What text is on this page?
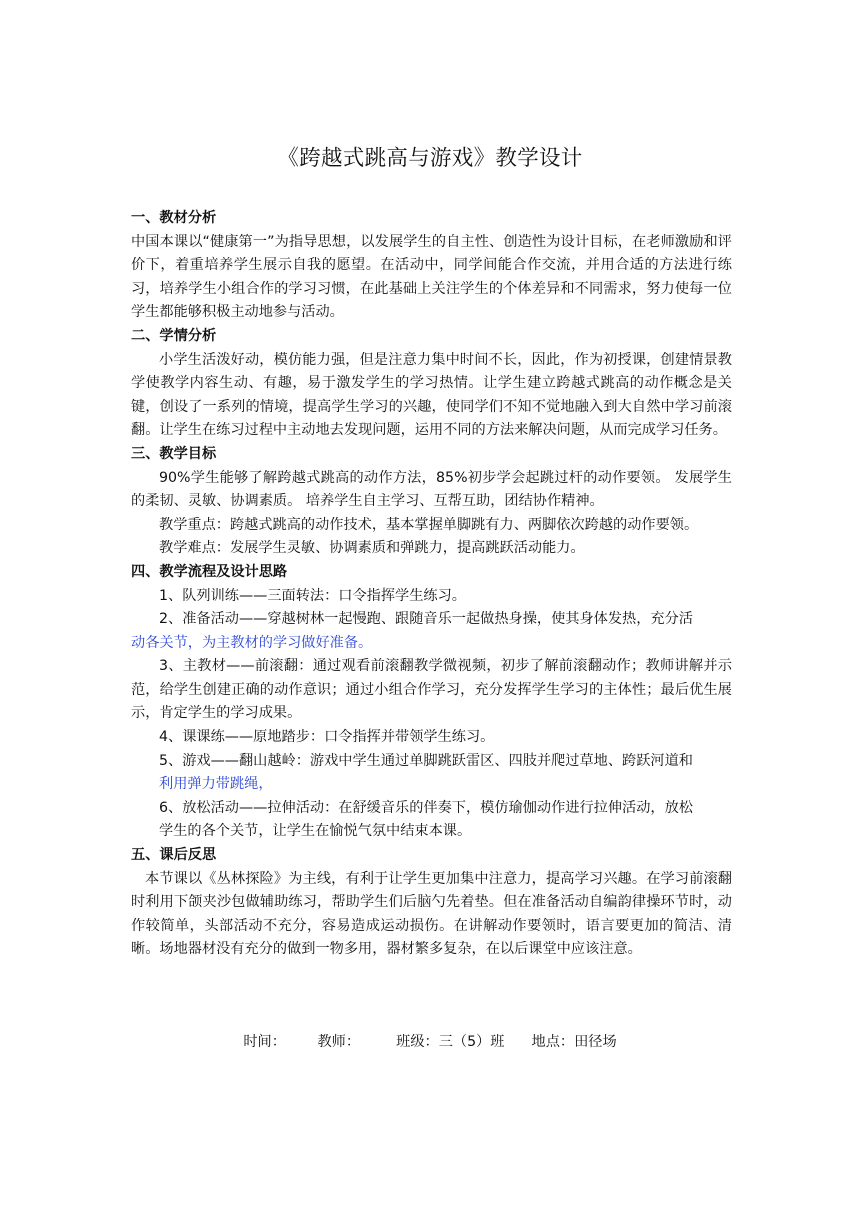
《跨越式跳高与游戏》教学设计
一、教材分析
中国本课以“健康第一”为指导思想，以发展学生的自主性、创造性为设计目标，在老师激励和评价下，着重培养学生展示自我的愿望。在活动中，同学间能合作交流，并用合适的方法进行练习，培养学生小组合作的学习习惯，在此基础上关注学生的个体差异和不同需求，努力使每一位学生都能够积极主动地参与活动。
二、学情分析
小学生活泼好动，模仿能力强，但是注意力集中时间不长，因此，作为初授课，创建情景教学使教学内容生动、有趣，易于激发学生的学习热情。让学生建立跨越式跳高的动作概念是关键，创设了一系列的情境，提高学生学习的兴趣，使同学们不知不觉地融入到大自然中学习前滚翻。让学生在练习过程中主动地去发现问题，运用不同的方法来解决问题，从而完成学习任务。
三、教学目标
90%学生能够了解跨越式跳高的动作方法，85%初步学会起跳过杆的动作要领。 发展学生的柔韧、灵敏、协调素质。 培养学生自主学习、互帮互助，团结协作精神。
教学重点：跨越式跳高的动作技术，基本掌握单脚跳有力、两脚依次跨越的动作要领。
教学难点：发展学生灵敏、协调素质和弹跳力，提高跳跃活动能力。
四、教学流程及设计思路
1、队列训练——三面转法：口令指挥学生练习。
2、准备活动——穿越树林一起慢跑、跟随音乐一起做热身操，使其身体发热，充分活
动各关节，为主教材的学习做好准备。
3、主教材——前滚翻：通过观看前滚翻教学微视频，初步了解前滚翻动作；教师讲解并示范，给学生创建正确的动作意识；通过小组合作学习，充分发挥学生学习的主体性；最后优生展示，肯定学生的学习成果。
4、课课练——原地踏步：口令指挥并带领学生练习。
5、游戏——翻山越岭：游戏中学生通过单脚跳跃雷区、四肢并爬过草地、跨跃河道和
利用弹力带跳绳，
6、放松活动——拉伸活动：在舒缓音乐的伴奏下，模仿瑜伽动作进行拉伸活动，放松
学生的各个关节，让学生在愉悦气氛中结束本课。
五、课后反思
本节课以《丛林探险》为主线，有利于让学生更加集中注意力，提高学习兴趣。在学习前滚翻时利用下颌夹沙包做辅助练习，帮助学生们后脑勺先着垫。但在准备活动自编韵律操环节时，动作较简单，头部活动不充分，容易造成运动损伤。在讲解动作要领时，语言要更加的简洁、清晰。场地器材没有充分的做到一物多用，器材繁多复杂，在以后课堂中应该注意。
时间： 教师：	班级：三（5）班 地点：田径场
